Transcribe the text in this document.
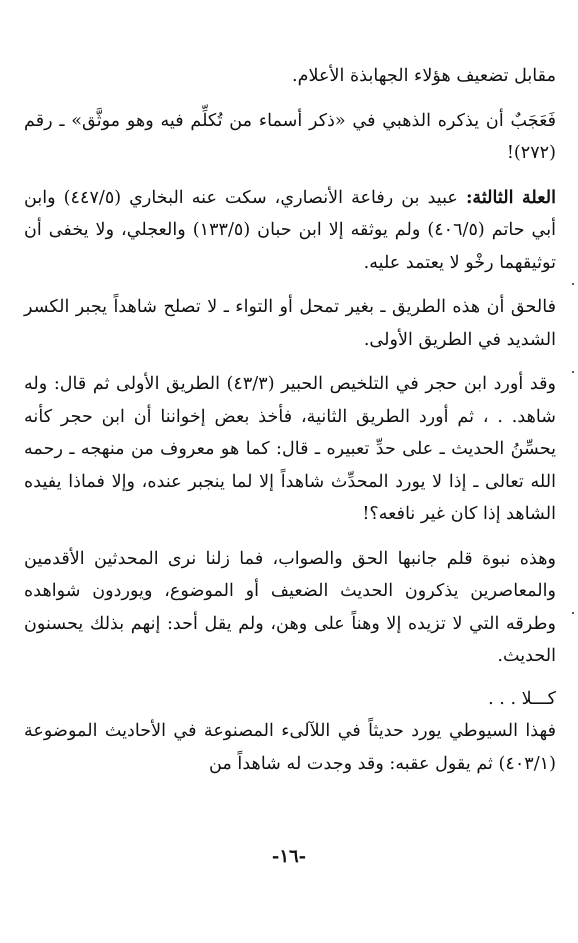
مقابل تضعيف هؤلاء الجهابذة الأعلام.

فَعَجَبٌ أن يذكره الذهبي في «ذكر أسماء من تُكلِّم فيه وهو موثَّق» ـ رقم (٢٧٢)!

العلة الثالثة: عبيد بن رفاعة الأنصاري، سكت عنه البخاري (٤٤٧/٥) وابن أبي حاتم (٤٠٦/٥) ولم يوثقه إلا ابن حبان (١٣٣/٥) والعجلي، ولا يخفى أن توثيقهما رخْو لا يعتمد عليه.

فالحق أن هذه الطريق ـ بغير تمحل أو التواء ـ لا تصلح شاهداً يجبر الكسر الشديد في الطريق الأولى.

وقد أورد ابن حجر في التلخيص الحبير (٤٣/٣) الطريق الأولى ثم قال: وله شاهد. . ، ثم أورد الطريق الثانية، فأخذ بعض إخواننا أن ابن حجر كأنه يحسِّنُ الحديث ـ على حدِّ تعبيره ـ قال: كما هو معروف من منهجه ـ رحمه الله تعالى ـ إذا لا يورد المحدِّث شاهداً إلا لما ينجبر عنده، وإلا فماذا يفيده الشاهد إذا كان غير نافعه؟!

وهذه نبوة قلم جانبها الحق والصواب، فما زلنا نرى المحدثين الأقدمين والمعاصرين يذكرون الحديث الضعيف أو الموضوع، ويوردون شواهده وطرقه التي لا تزيده إلا وهناً على وهن، ولم يقل أحد: إنهم بذلك يحسنون الحديث.

كـــلا . . .

فهذا السيوطي يورد حديثاً في اللآلىء المصنوعة في الأحاديث الموضوعة (٤٠٣/١) ثم يقول عقبه: وقد وجدت له شاهداً من

-١٦-
